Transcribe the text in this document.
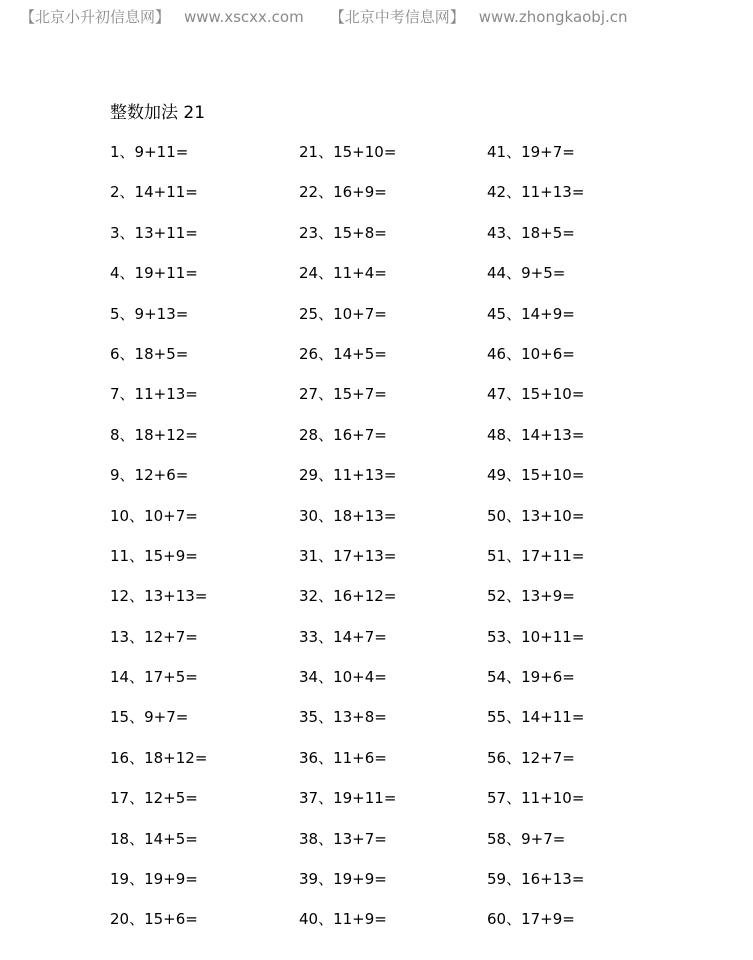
【北京小升初信息网】 www.xscxx.com 【北京中考信息网】 www.zhongkaobj.cn
整数加法 21
1、9+11=
2、14+11=
3、13+11=
4、19+11=
5、9+13=
6、18+5=
7、11+13=
8、18+12=
9、12+6=
10、10+7=
11、15+9=
12、13+13=
13、12+7=
14、17+5=
15、9+7=
16、18+12=
17、12+5=
18、14+5=
19、19+9=
20、15+6=
21、15+10=
22、16+9=
23、15+8=
24、11+4=
25、10+7=
26、14+5=
27、15+7=
28、16+7=
29、11+13=
30、18+13=
31、17+13=
32、16+12=
33、14+7=
34、10+4=
35、13+8=
36、11+6=
37、19+11=
38、13+7=
39、19+9=
40、11+9=
41、19+7=
42、11+13=
43、18+5=
44、9+5=
45、14+9=
46、10+6=
47、15+10=
48、14+13=
49、15+10=
50、13+10=
51、17+11=
52、13+9=
53、10+11=
54、19+6=
55、14+11=
56、12+7=
57、11+10=
58、9+7=
59、16+13=
60、17+9=
